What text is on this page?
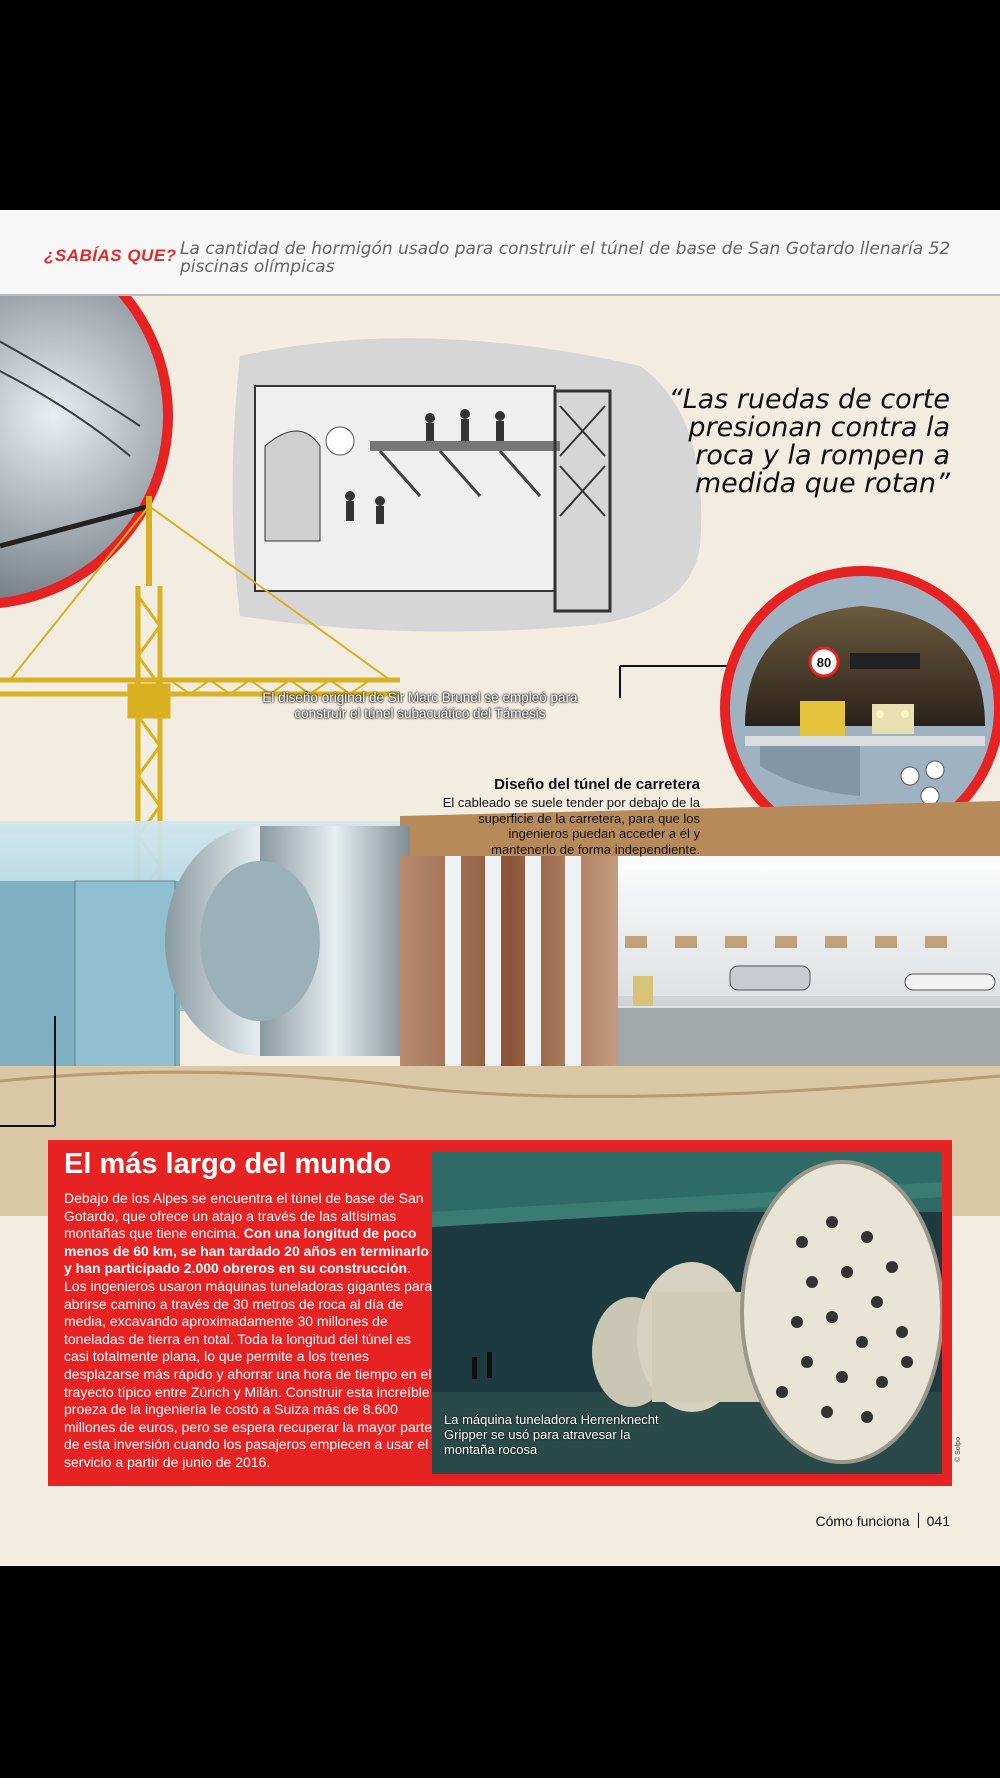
¿SABÍAS QUE? La cantidad de hormigón usado para construir el túnel de base de San Gotardo llenaría 52 piscinas olímpicas
80
“Las ruedas de corte presionan contra la roca y la rompen a medida que rotan”
El diseño original de Sir Marc Brunel se empleó para construir el túnel subacuático del Támesis
Diseño del túnel de carretera
El cableado se suele tender por debajo de la superficie de la carretera, para que los ingenieros puedan acceder a él y mantenerlo de forma independiente.
El más largo del mundo
Debajo de los Alpes se encuentra el túnel de base de San Gotardo, que ofrece un atajo a través de las altísimas montañas que tiene encima. Con una longitud de poco menos de 60 km, se han tardado 20 años en terminarlo y han participado 2.000 obreros en su construcción. Los ingenieros usaron máquinas tuneladoras gigantes para abrirse camino a través de 30 metros de roca al día de media, excavando aproximadamente 30 millones de toneladas de tierra en total. Toda la longitud del túnel es casi totalmente plana, lo que permite a los trenes desplazarse más rápido y ahorrar una hora de tiempo en el trayecto típico entre Zúrich y Milán. Construir esta increíble proeza de la ingeniería le costó a Suiza más de 8.600 millones de euros, pero se espera recuperar la mayor parte de esta inversión cuando los pasajeros empiecen a usar el servicio a partir de junio de 2016.
La máquina tuneladora Herrenknecht Gripper se usó para atravesar la montaña rocosa	© Solpo
Cómo funciona 041
